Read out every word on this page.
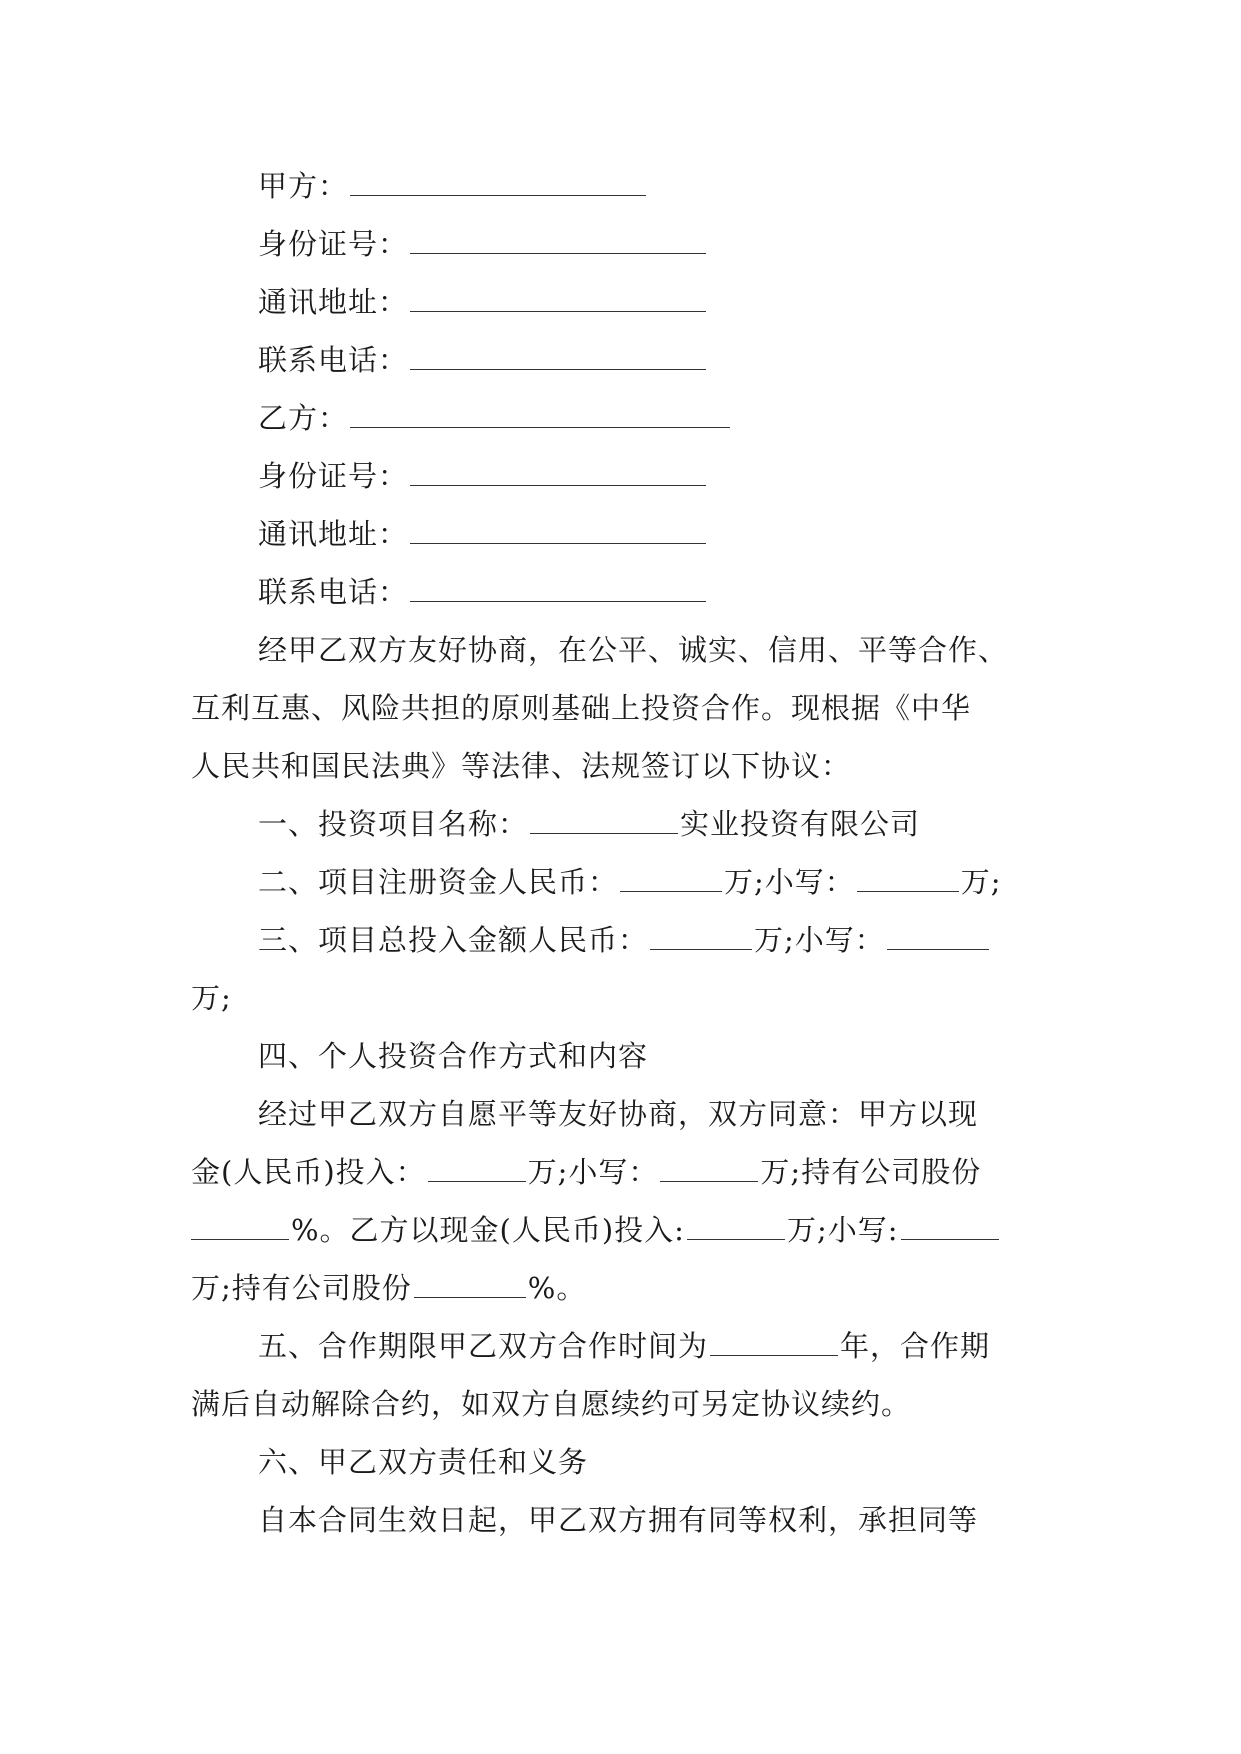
甲方：
身份证号：
通讯地址：
联系电话：
乙方：
身份证号：
通讯地址：
联系电话：
经甲乙双方友好协商，在公平、诚实、信用、平等合作、
互利互惠、风险共担的原则基础上投资合作。现根据《中华
人民共和国民法典》等法律、法规签订以下协议：
一、投资项目名称：	实业投资有限公司
二、项目注册资金人民币：	万;小写：	万;
三、项目总投入金额人民币：	万;小写：
万;
四、个人投资合作方式和内容
经过甲乙双方自愿平等友好协商，双方同意：甲方以现
金(人民币)投入：	万;小写：	万;持有公司股份
%。乙方以现金(人民币)投入:	万;小写:
万;持有公司股份	%。
五、合作期限甲乙双方合作时间为	年，合作期
满后自动解除合约，如双方自愿续约可另定协议续约。
六、甲乙双方责任和义务
自本合同生效日起，甲乙双方拥有同等权利，承担同等
